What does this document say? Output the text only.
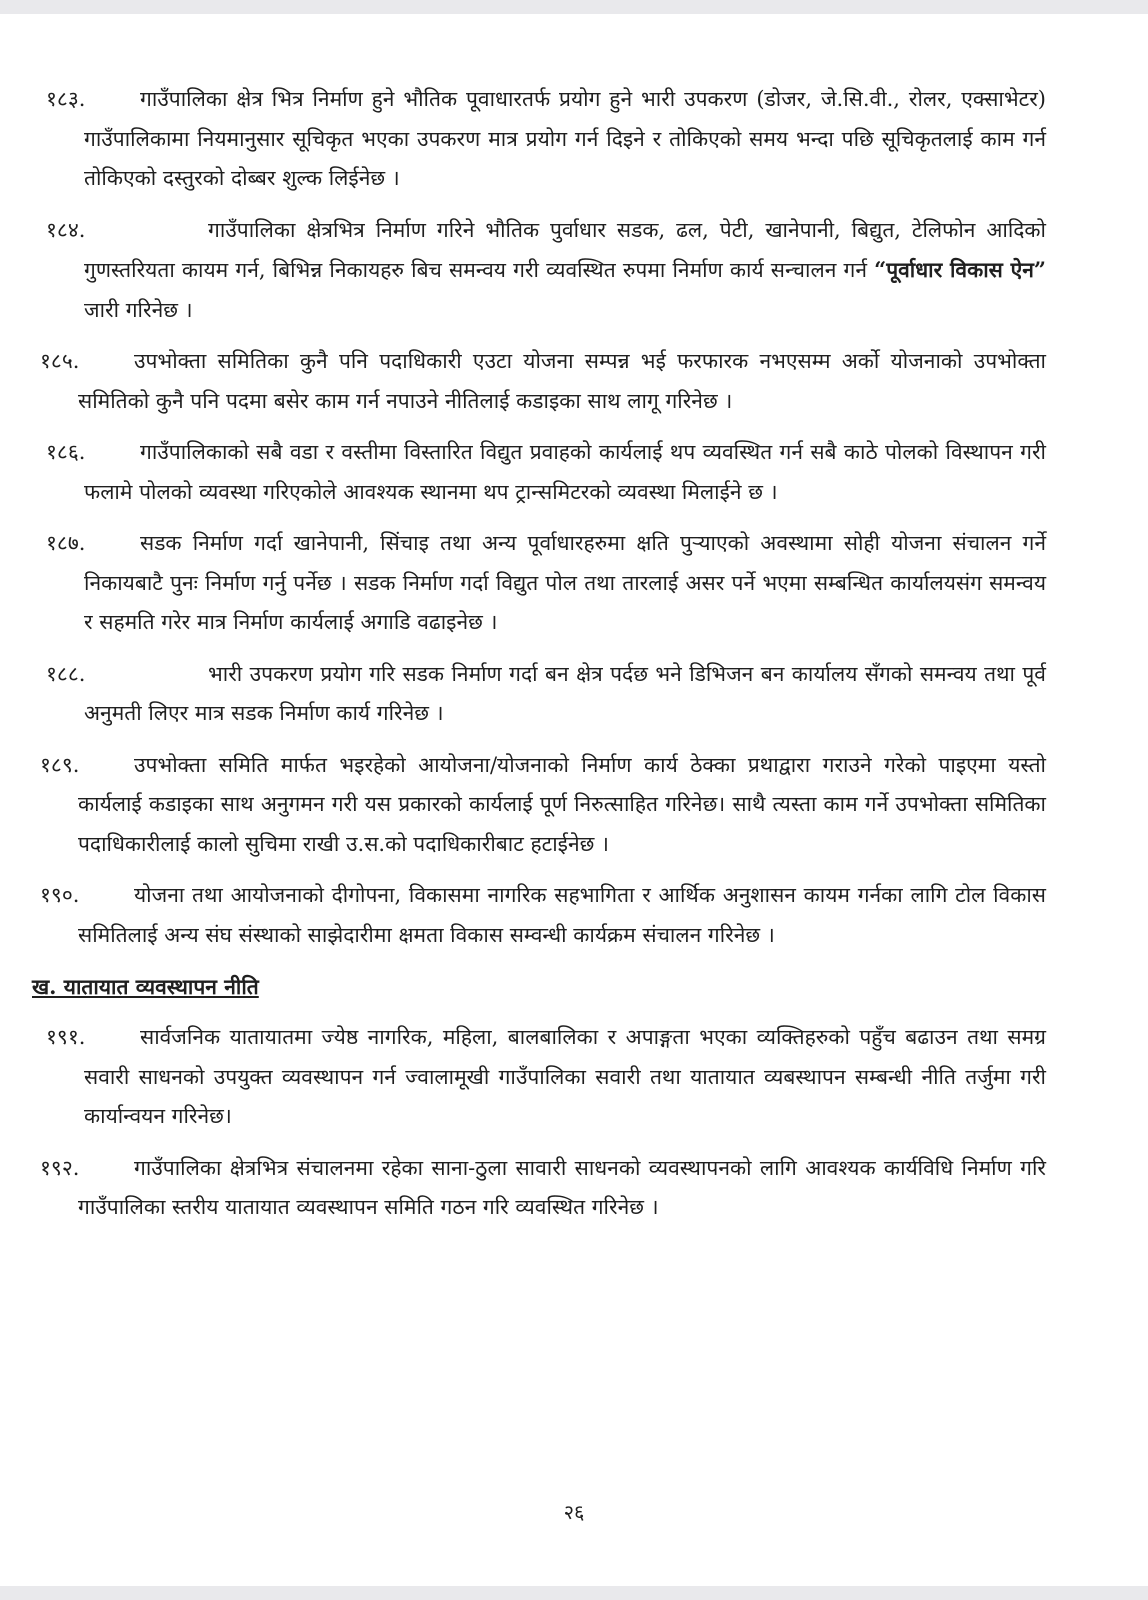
१८३.	गाउँपालिका क्षेत्र भित्र निर्माण हुने भौतिक पूवाधारतर्फ प्रयोग हुने भारी उपकरण (डोजर, जे.सि.वी., रोलर, एक्साभेटर) गाउँपालिकामा नियमानुसार सूचिकृत भएका उपकरण मात्र प्रयोग गर्न दिइने र तोकिएको समय भन्दा पछि सूचिकृतलाई काम गर्न तोकिएको दस्तुरको दोब्बर शुल्क लिईनेछ ।

१८४.	गाउँपालिका क्षेत्रभित्र निर्माण गरिने भौतिक पुर्वाधार सडक, ढल, पेटी, खानेपानी, बिद्युत, टेलिफोन आदिको गुणस्तरियता कायम गर्न, बिभिन्न निकायहरु बिच समन्वय गरी व्यवस्थित रुपमा निर्माण कार्य सन्चालन गर्न “पूर्वाधार विकास ऐन” जारी गरिनेछ ।

१८५.	उपभोक्ता समितिका कुनै पनि पदाधिकारी एउटा योजना सम्पन्न भई फरफारक नभएसम्म अर्को योजनाको उपभोक्ता समितिको कुनै पनि पदमा बसेर काम गर्न नपाउने नीतिलाई कडाइका साथ लागू गरिनेछ ।

१८६.	गाउँपालिकाको सबै वडा र वस्तीमा विस्तारित विद्युत प्रवाहको कार्यलाई थप व्यवस्थित गर्न सबै काठे पोलको विस्थापन गरी फलामे पोलको व्यवस्था गरिएकोले आवश्यक स्थानमा थप ट्रान्समिटरको व्यवस्था मिलाईने छ ।

१८७.	सडक निर्माण गर्दा खानेपानी, सिंचाइ तथा अन्य पूर्वाधारहरुमा क्षति पुऱ्याएको अवस्थामा सोही योजना संचालन गर्ने निकायबाटै पुनः निर्माण गर्नु पर्नेछ । सडक निर्माण गर्दा विद्युत पोल तथा तारलाई असर पर्ने भएमा सम्बन्धित कार्यालयसंग समन्वय र सहमति गरेर मात्र निर्माण कार्यलाई अगाडि वढाइनेछ ।

१८८.	भारी उपकरण प्रयोग गरि सडक निर्माण गर्दा बन क्षेत्र पर्दछ भने डिभिजन बन कार्यालय सँगको समन्वय तथा पूर्व अनुमती लिएर मात्र सडक निर्माण कार्य गरिनेछ ।

१८९.	उपभोक्ता समिति मार्फत भइरहेको आयोजना/योजनाको निर्माण कार्य ठेक्का प्रथाद्वारा गराउने गरेको पाइएमा यस्तो कार्यलाई कडाइका साथ अनुगमन गरी यस प्रकारको कार्यलाई पूर्ण निरुत्साहित गरिनेछ। साथै त्यस्ता काम गर्ने उपभोक्ता समितिका पदाधिकारीलाई कालो सुचिमा राखी उ.स.को पदाधिकारीबाट हटाईनेछ ।

१९०.	योजना तथा आयोजनाको दीगोपना, विकासमा नागरिक सहभागिता र आर्थिक अनुशासन कायम गर्नका लागि टोल विकास समितिलाई अन्य संघ संस्थाको साझेदारीमा क्षमता विकास सम्वन्धी कार्यक्रम संचालन गरिनेछ ।

ख. यातायात व्यवस्थापन नीति

१९१.	सार्वजनिक यातायातमा ज्येष्ठ नागरिक, महिला, बालबालिका र अपाङ्गता भएका व्यक्तिहरुको पहुँच बढाउन तथा समग्र सवारी साधनको उपयुक्त व्यवस्थापन गर्न ज्वालामूखी गाउँपालिका सवारी तथा यातायात व्यबस्थापन सम्बन्धी नीति तर्जुमा गरी कार्यान्वयन गरिनेछ।

१९२.	गाउँपालिका क्षेत्रभित्र संचालनमा रहेका साना-ठुला सावारी साधनको व्यवस्थापनको लागि आवश्यक कार्यविधि निर्माण गरि गाउँपालिका स्तरीय यातायात व्यवस्थापन समिति गठन गरि व्यवस्थित गरिनेछ ।

२६
